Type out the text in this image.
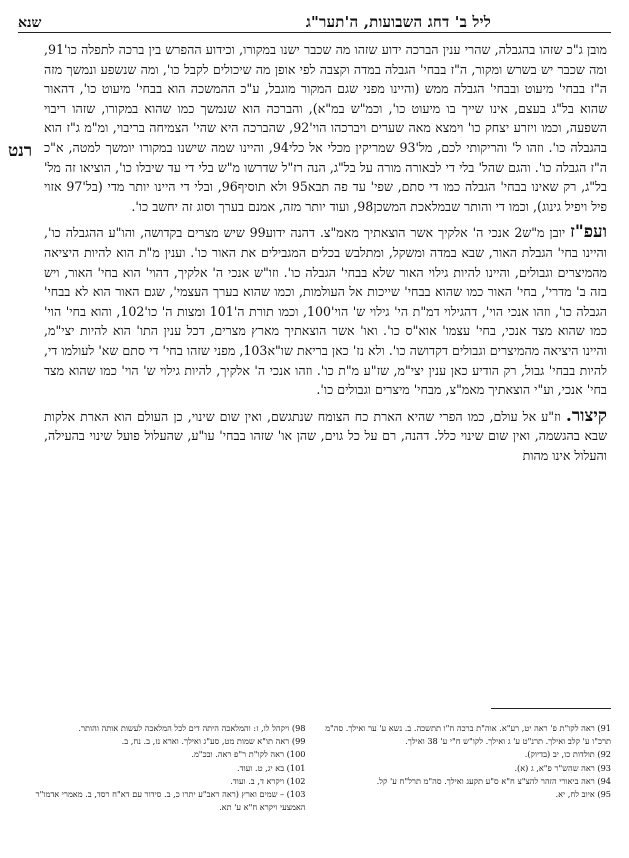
ליל ב' דחג השבועות, ה'תער"ג
שנא
רנט

מובן ג"כ שזהו בהגבלה, שהרי ענין הברכה ידוע שזהו מה שכבר ישנו במקורו, וכידוע ההפרש בין ברכה לתפלה כו'91, ומה שכבר יש בשרש ומקור, ה"ז בבחי' הגבלה במדה וקצבה לפי אופן מה שיכולים לקבל כו', ומה שנשפע ונמשך מזה ה"ז בבחי' מיעוט ובבחי' הגבלה ממש (והיינו מפני שגם המקור מוגבל, ע"כ ההמשכה הוא בבחי' מיעוט כו', דהאור שהוא בל"ג בעצם, אינו שייך בו מיעוט כו', וכמ"ש במ"א), והברכה הוא שנמשך כמו שהוא במקורו, שזהו ריבוי השפעה, וכמו ויזרע יצחק כו' וימצא מאה שערים ויברכהו הוי'92, שהברכה היא שהי' הצמיחה בריבוי, ומ"מ ג"ז הוא בהגבלה כו'. וזהו ל' והריקותי לכם, מל'93 שמריקין מכלי אל כלי94, והיינו שמה שישנו במקורו יומשך למטה, א"כ ה"ז הגבלה כו'. והגם שהל' בלי די לבאורה מורה על בל"ג, הנה רז"ל שדרשו מ"ש בלי די עד שיבלו כו', הוציאו זה מל' בל"ג, רק שאינו בבחי' הגבלה כמו די סתם, שפי' עד פה תבא95 ולא תוסיף96, ובלי די היינו יותר מדי (בל'97 אזוי פיל ויפיל גינוג), וכמו די והותר שבמלאכת המשכן98, ועוד יותר מזה, אמנם בערך וסוג זה יחשב כו'.

ועפ"ז יובן מ"ש2 אנכי ה' אלקיך אשר הוצאתיך מאמ"צ. דהנה ידוע99 שיש מצרים בקדושה, והו"ע ההגבלה כו', והיינו בחי' הגבלת האור, שבא במדה ומשקל, ומתלבש בכלים המגבילים את האור כו'. וענין מ"ת הוא להיות היציאה מהמיצרים וגבולים, והיינו להיות גילוי האור שלא בבחי' הגבלה כו'. וזו"ש אנכי ה' אלקיך, דהוי' הוא בחי' האור, ויש בזה ב' מדרי', בחי' האור כמו שהוא בבחי' שייכות אל העולמות, וכמו שהוא בערך העצמי', שגם האור הוא לא בבחי' הגבלה כו', וזהו אנכי הוי', דהגילוי דמ"ת הי' גילוי ש' הוי'100, וכמו תורת ה'101 ומצות ה' כו'102, והוא בחי' הוי' כמו שהוא מצד אנכי, בחי' עצמו' אוא"ס כו'. ואו' אשר הוצאתיך מארץ מצרים, דכל ענין התו' הוא להיות יצי"מ, והיינו היציאה מהמיצרים וגבולים דקדושה כו'. ולא נז' כאן בריאת שו"א103, מפני שזהו בחי' די סתם שא' לעולמו די, להיות בבחי' גבול, רק הודיע כאן ענין יצי"מ, שז"ע מ"ת כו'. וזהו אנכי ה' אלקיך, להיות גילוי ש' הוי' כמו שהוא מצד בחי' אנכי, וע"י הוצאתיך מאמ"צ, מבחי' מיצרים וגבולים כו'.

קיצור. וז"ע אל עולם, כמו הפרי שהיא הארת כח הצומח שנתגשם, ואין שום שינוי, כן העולם הוא הארת אלקות שבא בהגשמה, ואין שום שינוי כלל. דהנה, רם על כל גוים, שהן או' שזהו בבחי' עו"ע, שהעלול פועל שינוי בהעילה, והעלול אינו מהות

91) ראה לקו"ת פ' ראה יט, רע"א. אוה"ת ברכה ח"ו תתשכה. ב. נשא ע' ער ואילך. סה"מ תרכ"ו ע' קלב ואילך. תרנ"ט ע' ג ואילך. לקו"ש ח"י ע' 38 ואילך.

92) תולדות כו, יב (בדיוק).

93) ראה שהש"ר פ"א, ג (א).

94) ראה ביאורי הזהר להצ"צ ח"א ס"ע תקעג ואילך. סה"מ תרל"ח ע' קל.

95) איוב לח, יא.

98) ויקהל לו, ז: והמלאכה היתה דים לכל המלאכה לעשות אותה והותר.

99) ראה תו"א שמות מט, סע"ג ואילך. וארא נז, ב. נח, ב.

100) ראה לקו"ת ר"פ ראה. ובכ"מ.

101) בא יג, ט. ועוד.

102) ויקרא ד, ב. ועוד.

103) – שמים וארץ (ראה ראב"ע יתרו כ, ב. סידור עם דא"ח רסד, ב. מאמרי אדמו"ר האמצעי ויקרא ח"א ע' תא.
